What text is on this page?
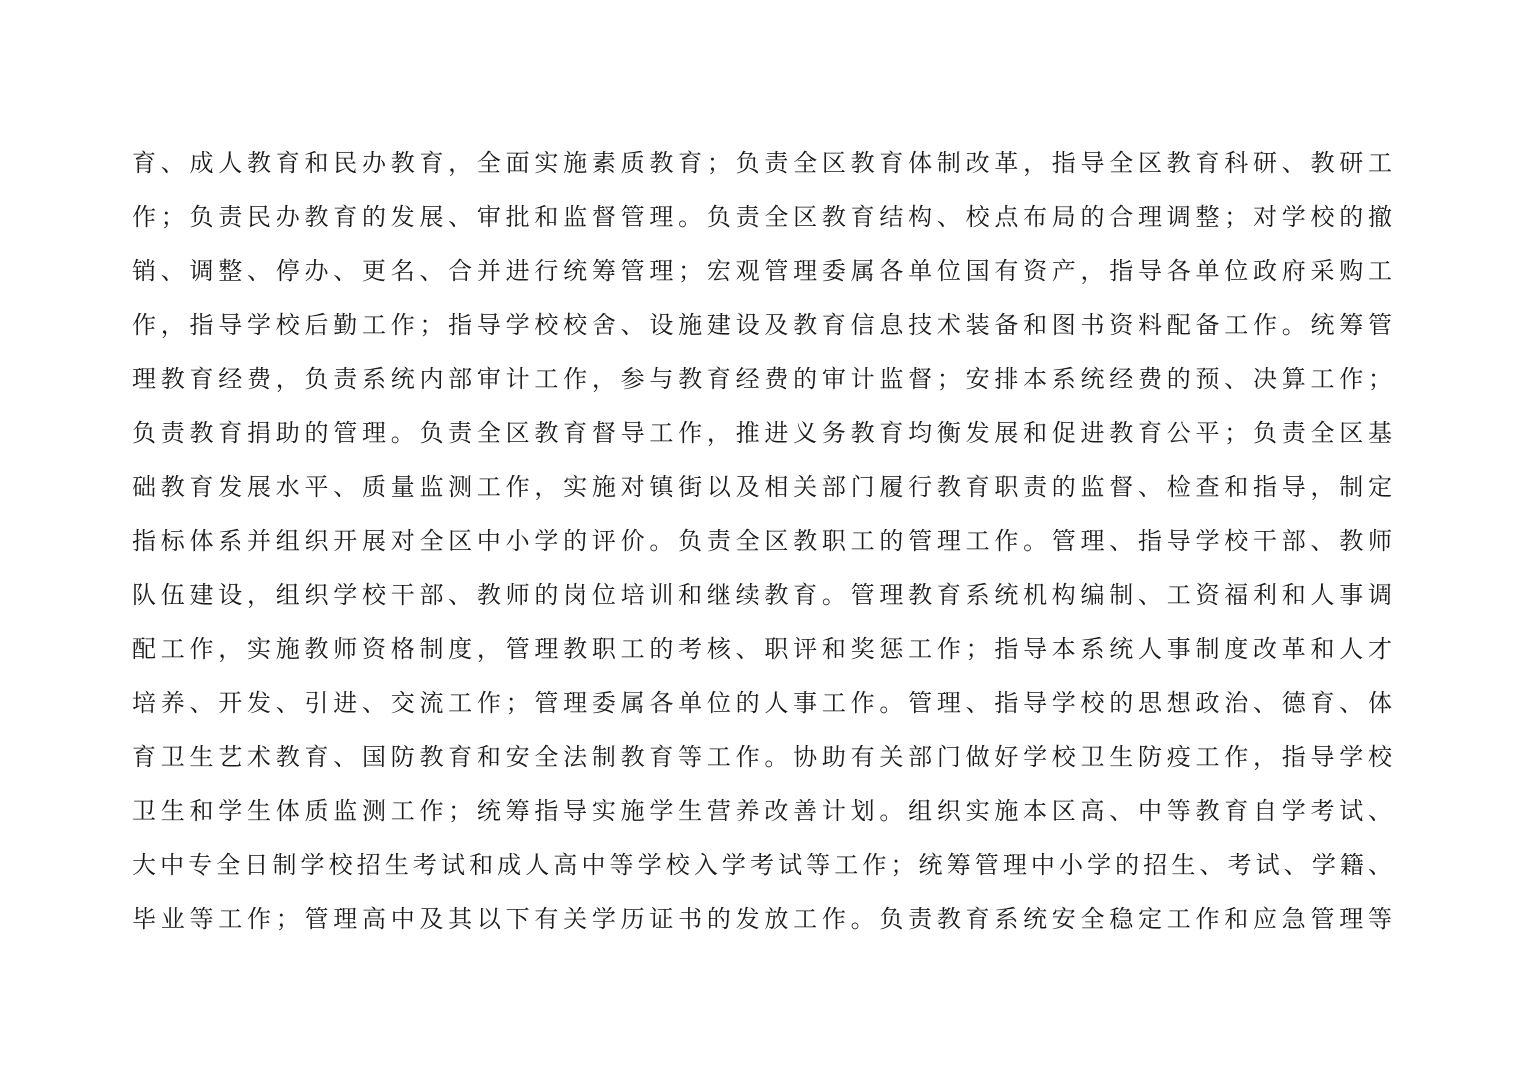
育、成人教育和民办教育，全面实施素质教育；负责全区教育体制改革，指导全区教育科研、教研工
作；负责民办教育的发展、审批和监督管理。负责全区教育结构、校点布局的合理调整；对学校的撤
销、调整、停办、更名、合并进行统筹管理；宏观管理委属各单位国有资产，指导各单位政府采购工
作，指导学校后勤工作；指导学校校舍、设施建设及教育信息技术装备和图书资料配备工作。统筹管
理教育经费，负责系统内部审计工作，参与教育经费的审计监督；安排本系统经费的预、决算工作；
负责教育捐助的管理。负责全区教育督导工作，推进义务教育均衡发展和促进教育公平；负责全区基
础教育发展水平、质量监测工作，实施对镇街以及相关部门履行教育职责的监督、检查和指导，制定
指标体系并组织开展对全区中小学的评价。负责全区教职工的管理工作。管理、指导学校干部、教师
队伍建设，组织学校干部、教师的岗位培训和继续教育。管理教育系统机构编制、工资福利和人事调
配工作，实施教师资格制度，管理教职工的考核、职评和奖惩工作；指导本系统人事制度改革和人才
培养、开发、引进、交流工作；管理委属各单位的人事工作。管理、指导学校的思想政治、德育、体
育卫生艺术教育、国防教育和安全法制教育等工作。协助有关部门做好学校卫生防疫工作，指导学校
卫生和学生体质监测工作；统筹指导实施学生营养改善计划。组织实施本区高、中等教育自学考试、
大中专全日制学校招生考试和成人高中等学校入学考试等工作；统筹管理中小学的招生、考试、学籍、
毕业等工作；管理高中及其以下有关学历证书的发放工作。负责教育系统安全稳定工作和应急管理等
